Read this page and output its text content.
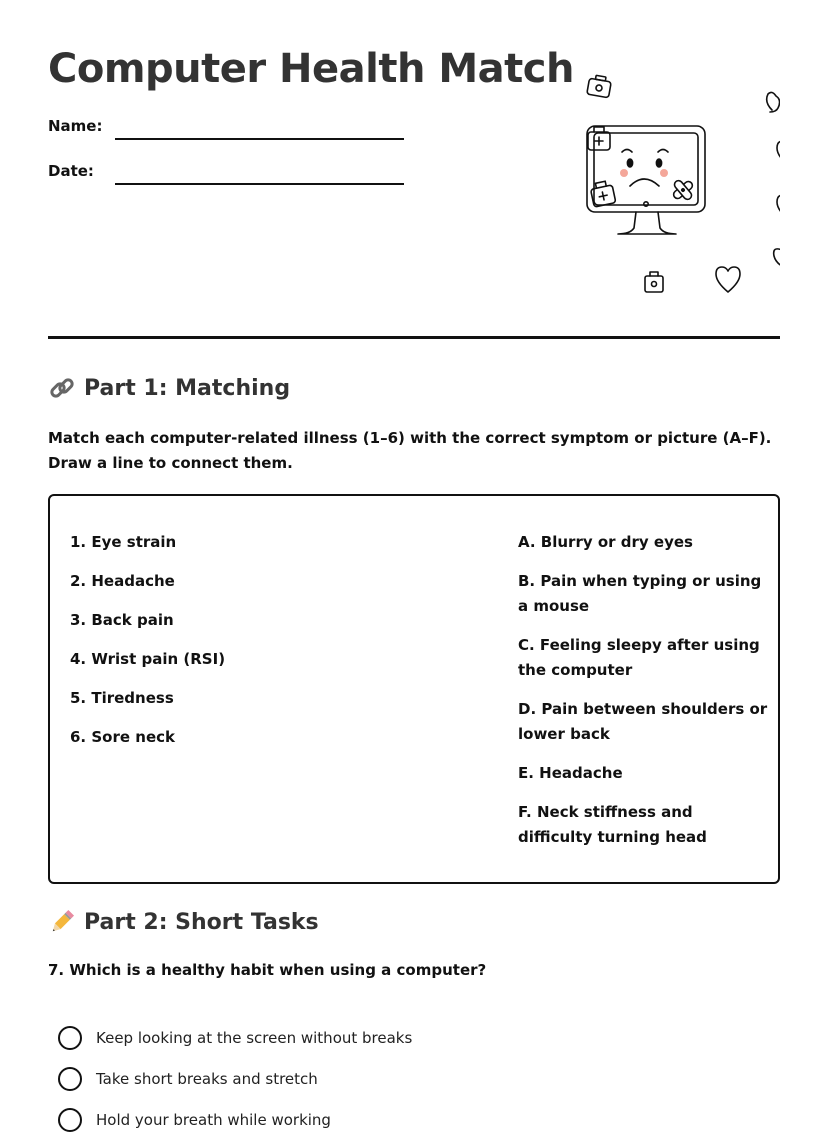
Computer Health Match
Name:
Date:
Part 1: Matching

Match each computer-related illness (1–6) with the correct symptom or picture (A–F). Draw a line to connect them.

1. Eye strain

2. Headache

3. Back pain

4. Wrist pain (RSI)

5. Tiredness

6. Sore neck

A. Blurry or dry eyes

B. Pain when typing or using a mouse

C. Feeling sleepy after using the computer

D. Pain between shoulders or lower back

E. Headache

F. Neck stiffness and difficulty turning head

Part 2: Short Tasks

7. Which is a healthy habit when using a computer?

Keep looking at the screen without breaks
Take short breaks and stretch
Hold your breath while working
